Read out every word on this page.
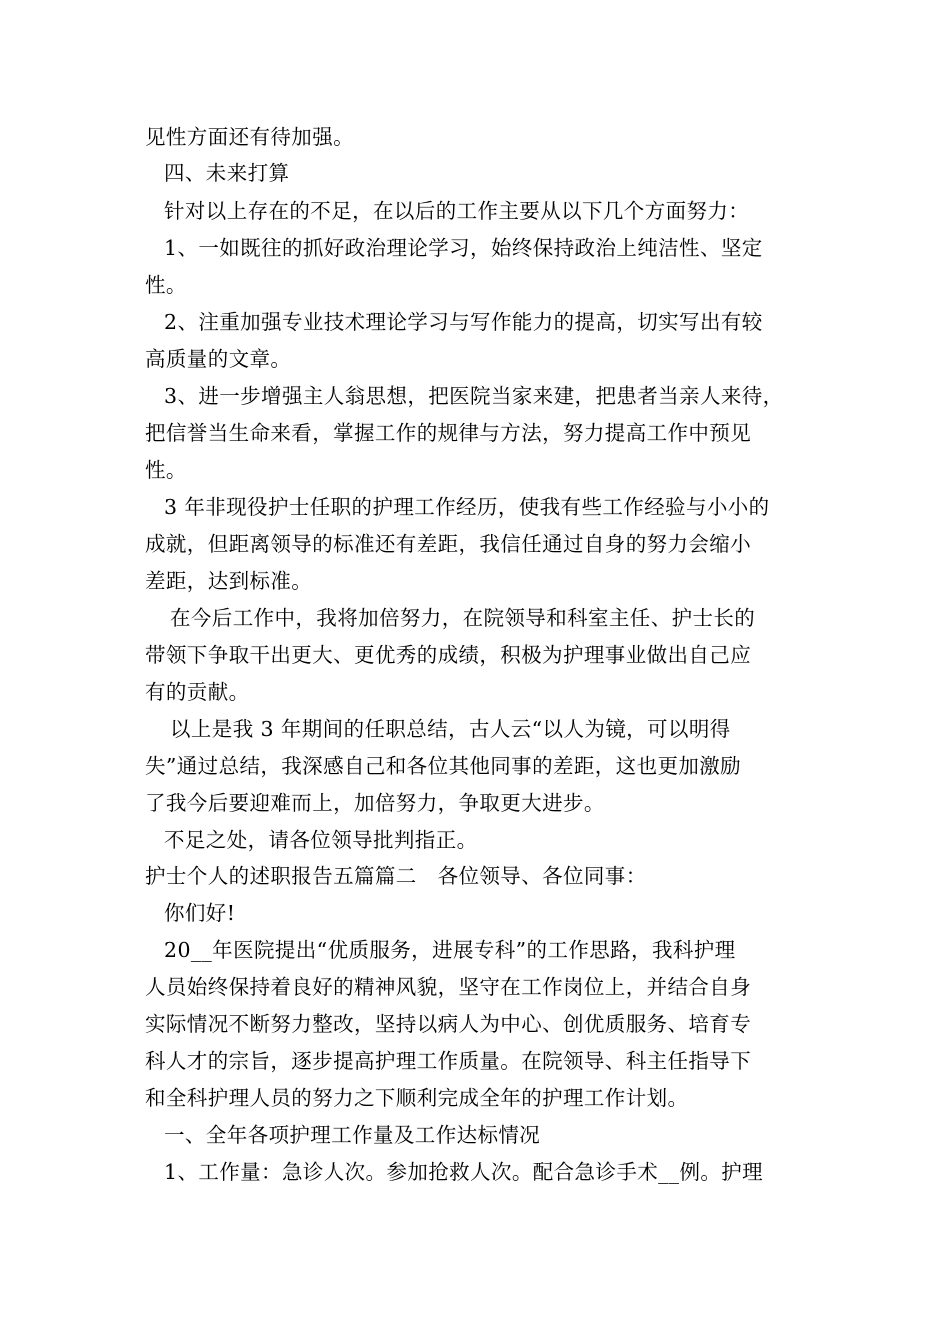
见性方面还有待加强。
四、未来打算
针对以上存在的不足，在以后的工作主要从以下几个方面努力：
1、一如既往的抓好政治理论学习，始终保持政治上纯洁性、坚定
性。
2、注重加强专业技术理论学习与写作能力的提高，切实写出有较
高质量的文章。
3、进一步增强主人翁思想，把医院当家来建，把患者当亲人来待，
把信誉当生命来看，掌握工作的规律与方法，努力提高工作中预见
性。
3 年非现役护士任职的护理工作经历，使我有些工作经验与小小的
成就，但距离领导的标准还有差距，我信任通过自身的努力会缩小
差距，达到标准。
在今后工作中，我将加倍努力，在院领导和科室主任、护士长的
带领下争取干出更大、更优秀的成绩，积极为护理事业做出自己应
有的贡献。
以上是我 3 年期间的任职总结，古人云“以人为镜，可以明得
失”通过总结，我深感自己和各位其他同事的差距，这也更加激励
了我今后要迎难而上，加倍努力，争取更大进步。
不足之处，请各位领导批判指正。
护士个人的述职报告五篇篇二　各位领导、各位同事：
你们好!
20__年医院提出“优质服务，进展专科”的工作思路，我科护理
人员始终保持着良好的精神风貌，坚守在工作岗位上，并结合自身
实际情况不断努力整改，坚持以病人为中心、创优质服务、培育专
科人才的宗旨，逐步提高护理工作质量。在院领导、科主任指导下
和全科护理人员的努力之下顺利完成全年的护理工作计划。
一、全年各项护理工作量及工作达标情况
1、工作量：急诊人次。参加抢救人次。配合急诊手术__例。护理
